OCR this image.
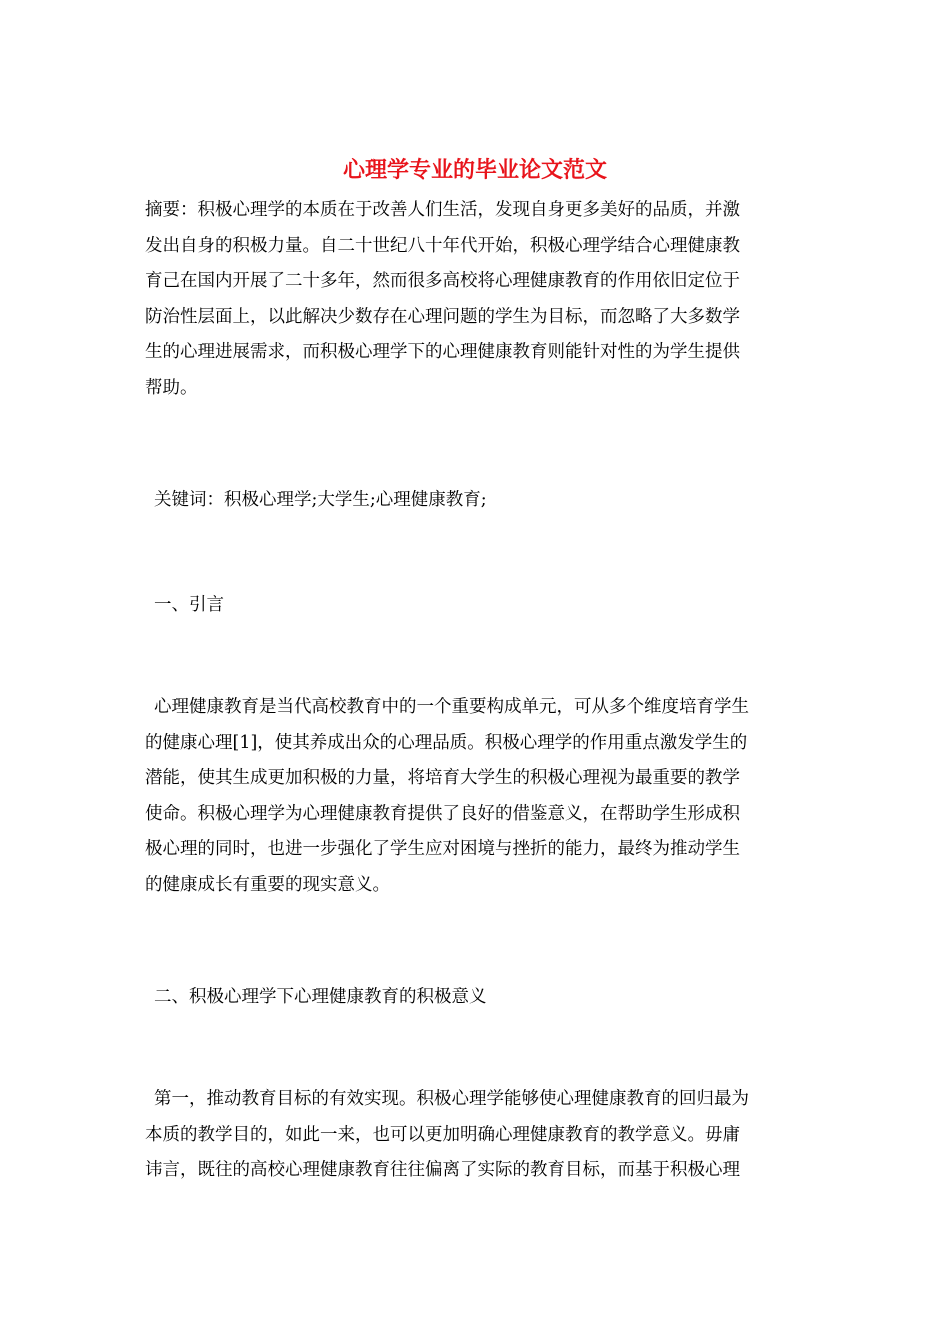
心理学专业的毕业论文范文
摘要：积极心理学的本质在于改善人们生活，发现自身更多美好的品质，并激
发出自身的积极力量。自二十世纪八十年代开始，积极心理学结合心理健康教
育己在国内开展了二十多年，然而很多高校将心理健康教育的作用依旧定位于
防治性层面上，以此解决少数存在心理问题的学生为目标，而忽略了大多数学
生的心理进展需求，而积极心理学下的心理健康教育则能针对性的为学生提供
帮助。
关键词：积极心理学;大学生;心理健康教育;
一、引言
心理健康教育是当代高校教育中的一个重要构成单元，可从多个维度培育学生
的健康心理[1]，使其养成出众的心理品质。积极心理学的作用重点激发学生的
潜能，使其生成更加积极的力量，将培育大学生的积极心理视为最重要的教学
使命。积极心理学为心理健康教育提供了良好的借鉴意义，在帮助学生形成积
极心理的同时，也进一步强化了学生应对困境与挫折的能力，最终为推动学生
的健康成长有重要的现实意义。
二、积极心理学下心理健康教育的积极意义
第一，推动教育目标的有效实现。积极心理学能够使心理健康教育的回归最为
本质的教学目的，如此一来，也可以更加明确心理健康教育的教学意义。毋庸
讳言，既往的高校心理健康教育往往偏离了实际的教育目标，而基于积极心理
